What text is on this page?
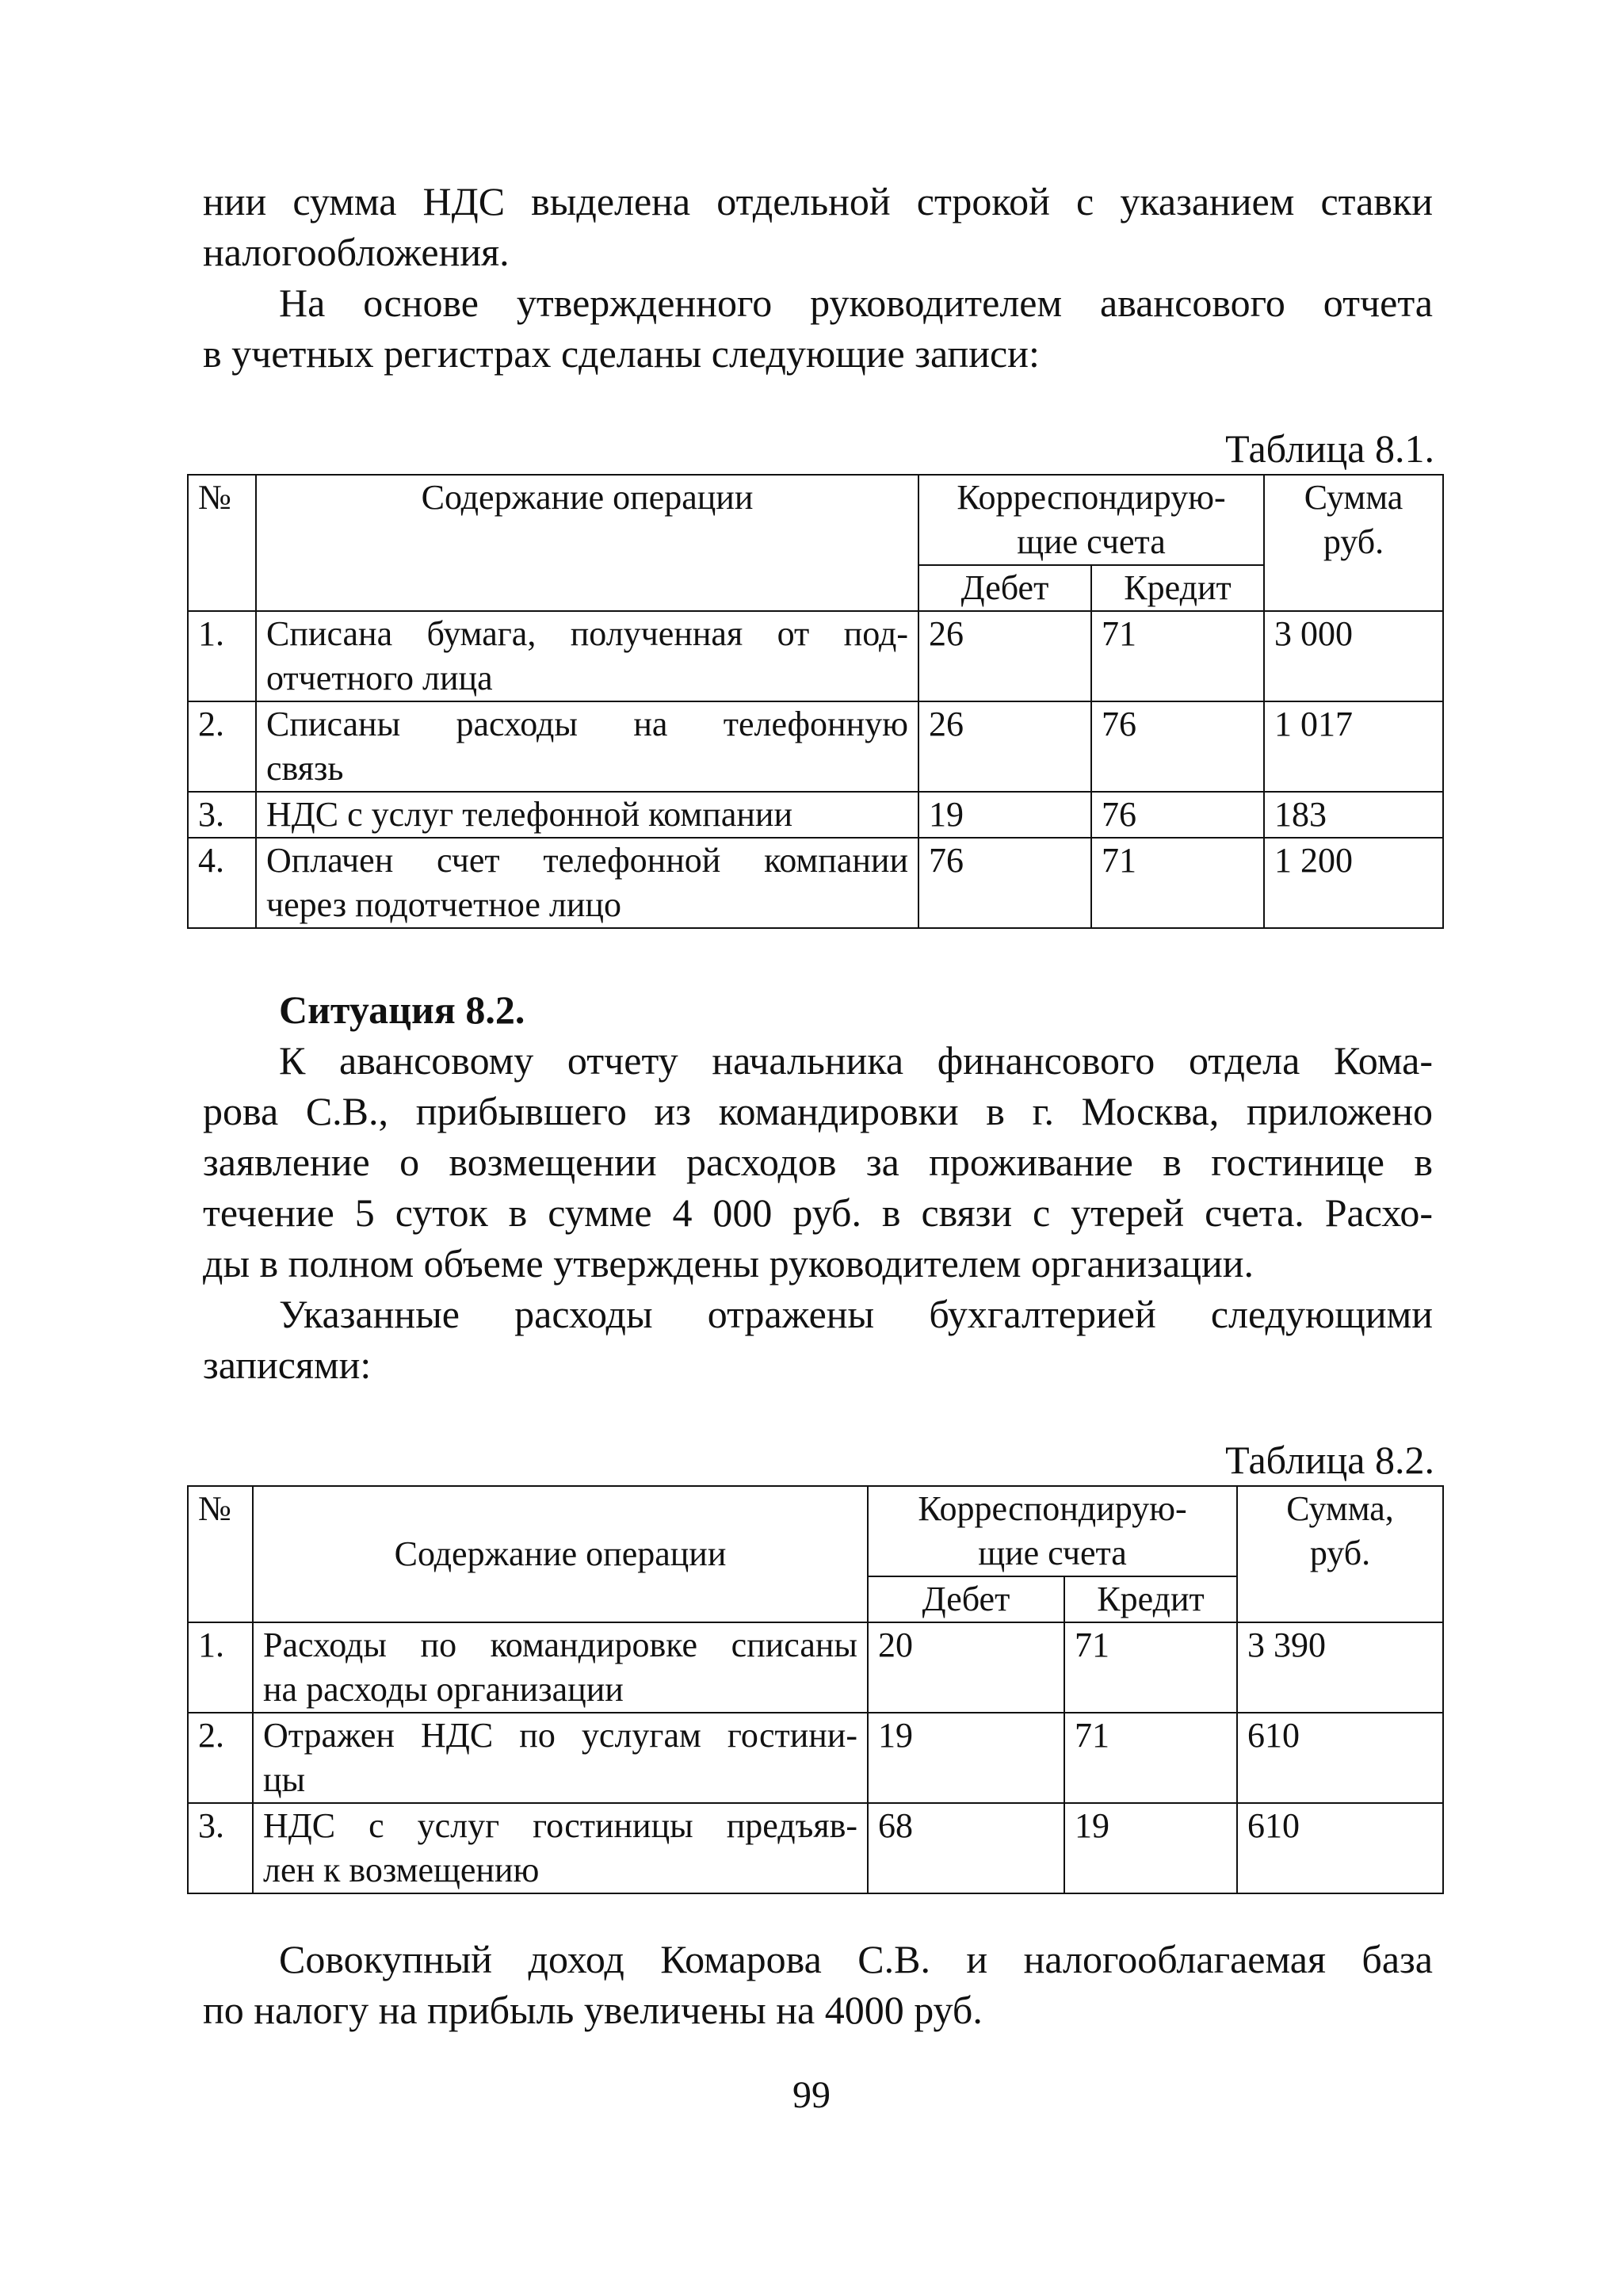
нии сумма НДС выделена отдельной строкой с указанием ставки
налогообложения.

На основе утвержденного руководителем авансового отчета
в учетных регистрах сделаны следующие записи:

Таблица 8.1.

№	Содержание операции	Корреспондирую-
щие счета		Сумма
руб.

		Дебет	Кредит	
1.	Списана бумага, полученная от под-
отчетного лица	26	71	3 000
2.	Списаны расходы на телефонную
связь	26	76	1 017
3.	НДС с услуг телефонной компании	19	76	183
4.	Оплачен счет телефонной компании
через подотчетное лицо	76	71	1 200

Ситуация 8.2.

К авансовому отчету начальника финансового отдела Кома-
рова С.В., прибывшего из командировки в г. Москва, приложено
заявление о возмещении расходов за проживание в гостинице в
течение 5 суток в сумме 4 000 руб. в связи с утерей счета. Расхо-
ды в полном объеме утверждены руководителем организации.

Указанные расходы отражены бухгалтерией следующими
записями:

Таблица 8.2.

№	Содержание операции	Корреспондирую-
щие счета		Сумма,
руб.

		Дебет	Кредит	
1.	Расходы по командировке списаны
на расходы организации	20	71	3 390
2.	Отражен НДС по услугам гостини-
цы	19	71	610
3.	НДС с услуг гостиницы предъяв-
лен к возмещению	68	19	610

Совокупный доход Комарова С.В. и налогооблагаемая база
по налогу на прибыль увеличены на 4000 руб.

99
